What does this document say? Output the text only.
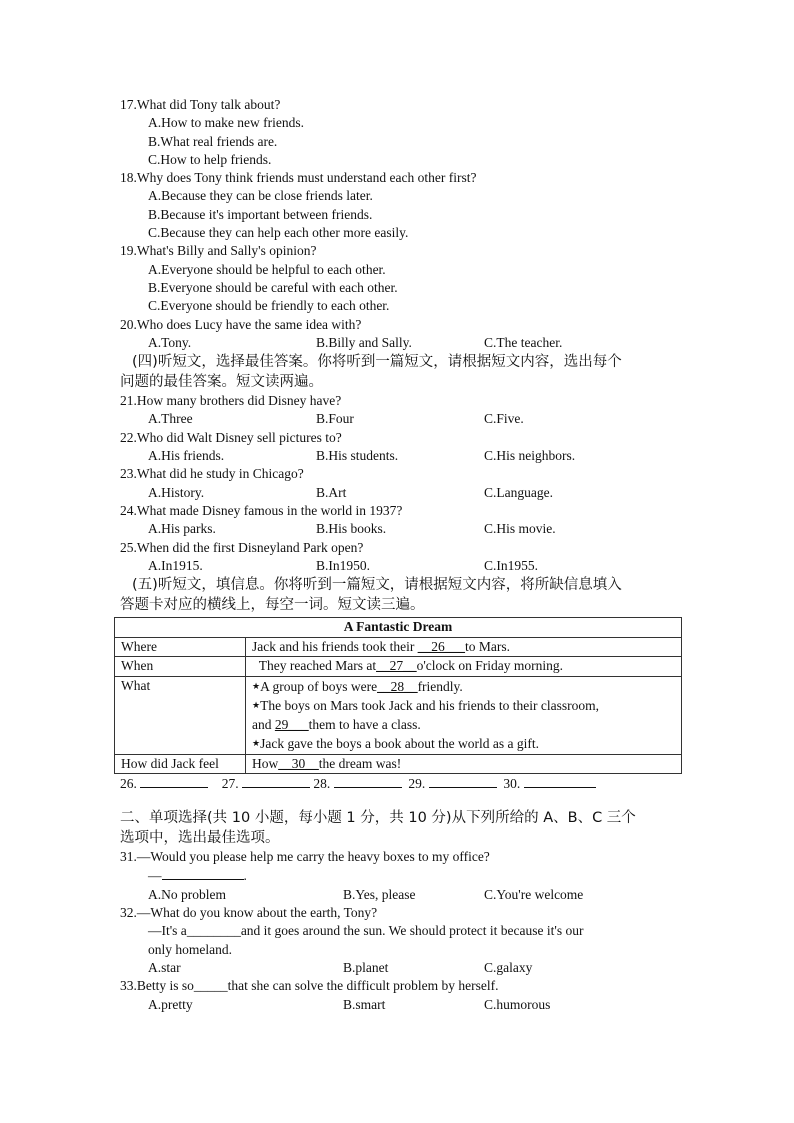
17.What did Tony talk about?
A.How to make new friends.
B.What real friends are.
C.How to help friends.
18.Why does Tony think friends must understand each other first?
A.Because they can be close friends later.
B.Because it's important between friends.
C.Because they can help each other more easily.
19.What's Billy and Sally's opinion?
A.Everyone should be helpful to each other.
B.Everyone should be careful with each other.
C.Everyone should be friendly to each other.
20.Who does Lucy have the same idea with?
A.Tony.	B.Billy and Sally.	C.The teacher.
(四)听短文，选择最佳答案。你将听到一篇短文，请根据短文内容，选出每个
问题的最佳答案。短文读两遍。
21.How many brothers did Disney have?
A.Three	B.Four	C.Five.
22.Who did Walt Disney sell pictures to?
A.His friends.	B.His students.	C.His neighbors.
23.What did he study in Chicago?
A.History.	B.Art	C.Language.
24.What made Disney famous in the world in 1937?
A.His parks.	B.His books.	C.His movie.
25.When did the first Disneyland Park open?
A.In1915.	B.In1950.	C.In1955.
(五)听短文，填信息。你将听到一篇短文，请根据短文内容，将所缺信息填入
答题卡对应的横线上，每空一词。短文读三遍。
A Fantastic Dream	
Where	Jack and his friends took their __26___to Mars.
When	They reached Mars at__27__o'clock on Friday morning.
What	★A group of boys were__28__friendly.
★The boys on Mars took Jack and his friends to their classroom,
and 29___them to have a class.
★Jack gave the boys a book about the world as a gift.

How did Jack feel	How__30__the dream was!
26.	27.	28.	29.	30.
二、单项选择(共 10 小题，每小题 1 分，共 10 分)从下列所给的 A、B、C 三个
选项中，选出最佳选项。
31.—Would you please help me carry the heavy boxes to my office?
—	.
A.No problem	B.Yes, please	C.You're welcome
32.—What do you know about the earth, Tony?
—It's a________and it goes around the sun. We should protect it because it's our
only homeland.
A.star	B.planet	C.galaxy
33.Betty is so_____that she can solve the difficult problem by herself.
A.pretty	B.smart	C.humorous
